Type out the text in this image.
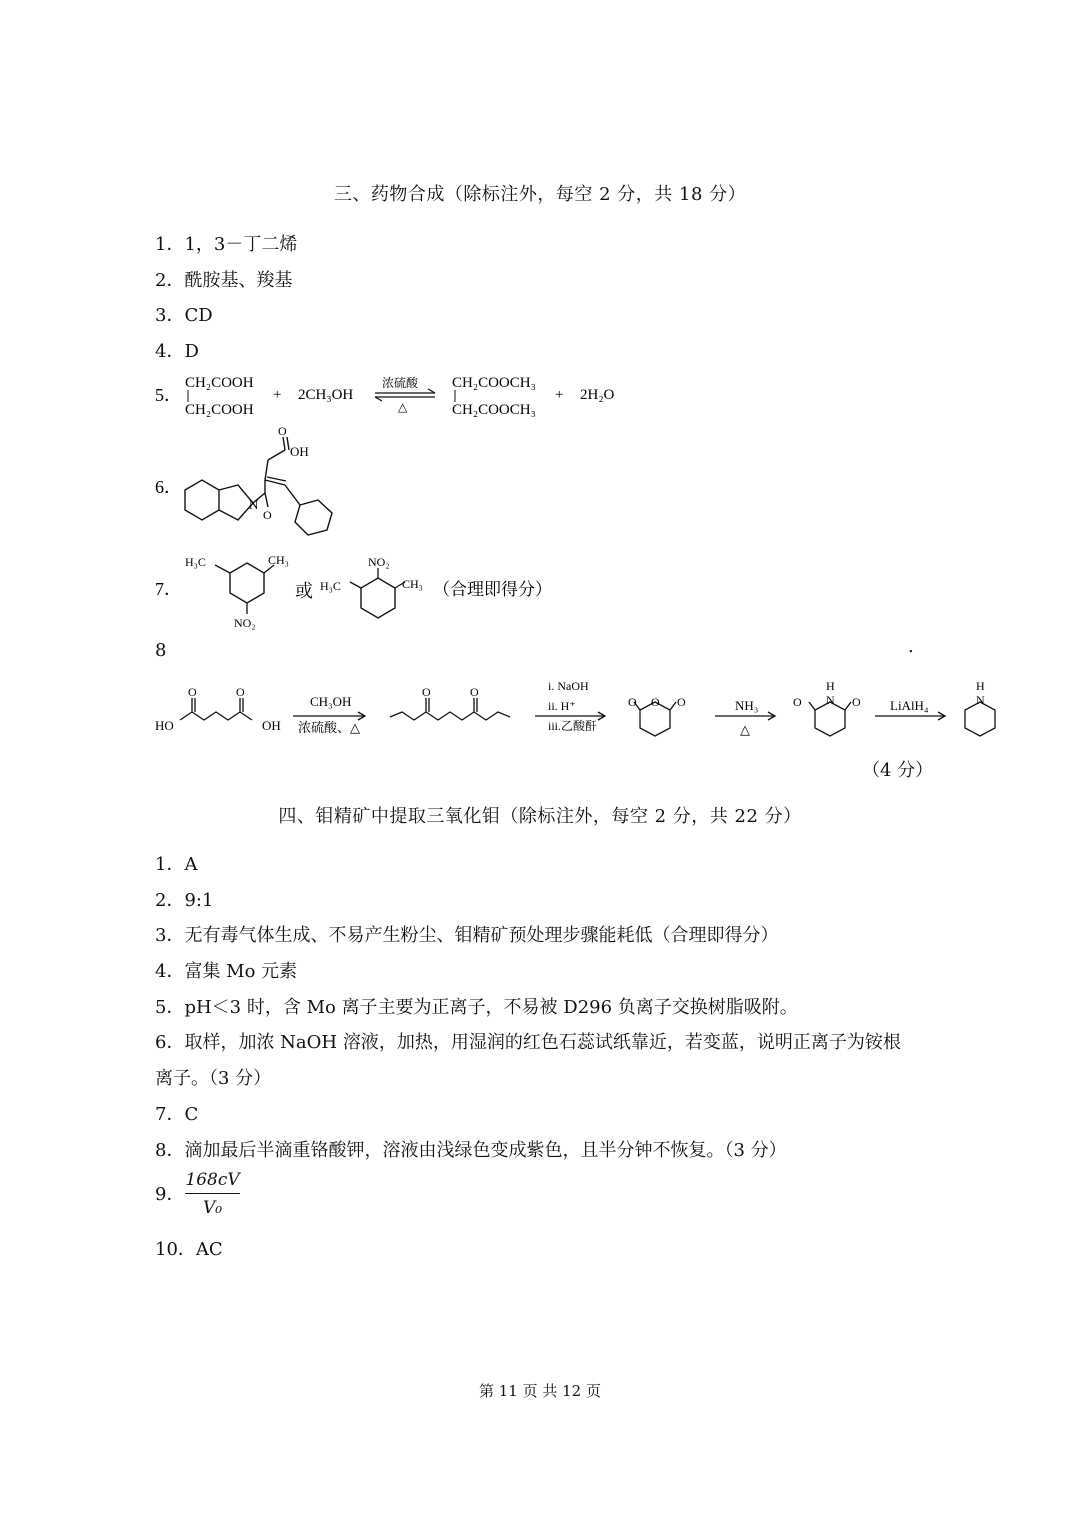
三、药物合成（除标注外，每空 2 分，共 18 分）
1．1，3－丁二烯
2．酰胺基、羧基
3．CD
4．D
5．
CH₂COOH
CH₂COOH
+ 2CH₃OH
浓硫酸
△
CH₂COOCH₃
CH₂COOCH₃
+ 2H₂O
6．
O
OH
N
O
7．
H₃C	CH₃
NO₂
或 H₃C
NO₂
CH₃ （合理即得分）
8	.
HO	OH
O	O
CH₃OH
浓硫酸、△
O	O	i. NaOH
ii. H⁺
iii.乙酸酐
O O O	NH₃
△
O
H
N O LiAlH₄
H
N
（4 分）
四、钼精矿中提取三氧化钼（除标注外，每空 2 分，共 22 分）
1．A
2．9:1
3．无有毒气体生成、不易产生粉尘、钼精矿预处理步骤能耗低（合理即得分）
4．富集 Mo 元素
5．pH＜3 时，含 Mo 离子主要为正离子，不易被 D296 负离子交换树脂吸附。
6．取样，加浓 NaOH 溶液，加热，用湿润的红色石蕊试纸靠近，若变蓝，说明正离子为铵根
离子。（3 分）
7．C
8．滴加最后半滴重铬酸钾，溶液由浅绿色变成紫色，且半分钟不恢复。（3 分）
9．
168cV
V₀
10．AC
第 11 页 共 12 页
